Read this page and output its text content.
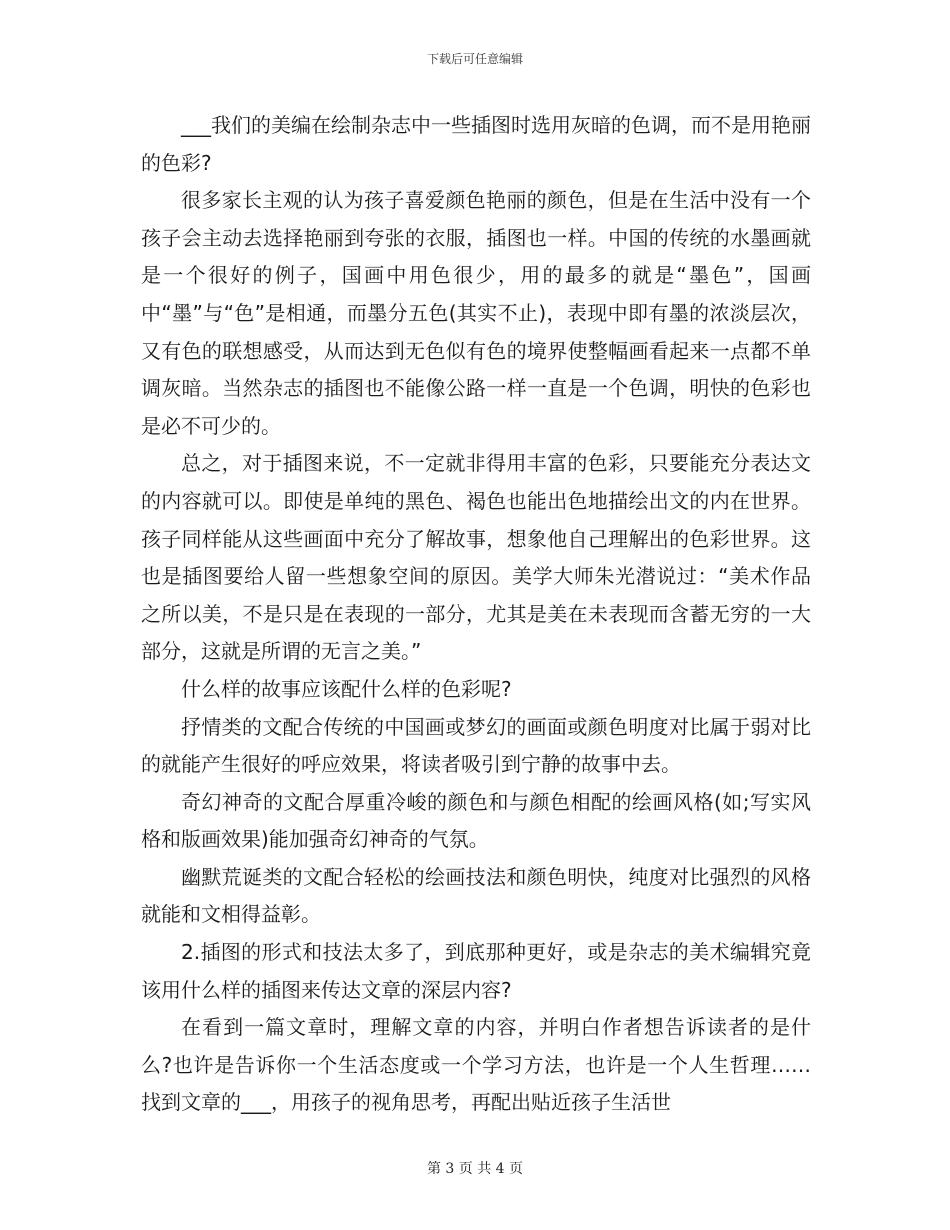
下载后可任意编辑

___我们的美编在绘制杂志中一些插图时选用灰暗的色调，而不是用艳丽的色彩?

很多家长主观的认为孩子喜爱颜色艳丽的颜色，但是在生活中没有一个孩子会主动去选择艳丽到夸张的衣服，插图也一样。中国的传统的水墨画就是一个很好的例子，国画中用色很少，用的最多的就是“墨色”，国画中“墨”与“色”是相通，而墨分五色(其实不止)，表现中即有墨的浓淡层次，又有色的联想感受，从而达到无色似有色的境界使整幅画看起来一点都不单调灰暗。当然杂志的插图也不能像公路一样一直是一个色调，明快的色彩也是必不可少的。

总之，对于插图来说，不一定就非得用丰富的色彩，只要能充分表达文的内容就可以。即使是单纯的黑色、褐色也能出色地描绘出文的内在世界。孩子同样能从这些画面中充分了解故事，想象他自己理解出的色彩世界。这也是插图要给人留一些想象空间的原因。美学大师朱光潜说过：“美术作品之所以美，不是只是在表现的一部分，尤其是美在未表现而含蓄无穷的一大部分，这就是所谓的无言之美。”

什么样的故事应该配什么样的色彩呢?

抒情类的文配合传统的中国画或梦幻的画面或颜色明度对比属于弱对比的就能产生很好的呼应效果，将读者吸引到宁静的故事中去。

奇幻神奇的文配合厚重冷峻的颜色和与颜色相配的绘画风格(如;写实风格和版画效果)能加强奇幻神奇的气氛。

幽默荒诞类的文配合轻松的绘画技法和颜色明快，纯度对比强烈的风格就能和文相得益彰。

2.插图的形式和技法太多了，到底那种更好，或是杂志的美术编辑究竟该用什么样的插图来传达文章的深层内容?

在看到一篇文章时，理解文章的内容，并明白作者想告诉读者的是什么?也许是告诉你一个生活态度或一个学习方法，也许是一个人生哲理……找到文章的___，用孩子的视角思考，再配出贴近孩子生活世

第 3 页 共 4 页
